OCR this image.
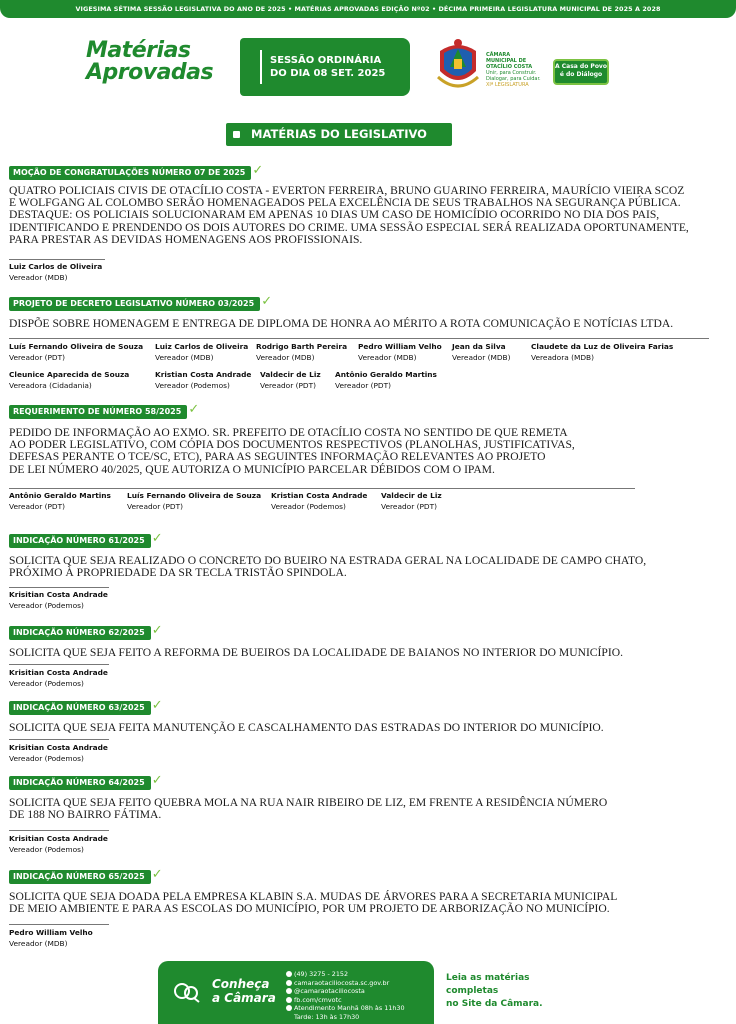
VIGESIMA SÉTIMA SESSÃO LEGISLATIVA DO ANO DE 2025 • MATÉRIAS APROVADAS EDIÇÃO Nº02 • DÉCIMA PRIMEIRA LEGISLATURA MUNICIPAL DE 2025 A 2028
Matérias
Aprovadas	SESSÃO ORDINÁRIA
DO DIA 08 SET. 2025
CÂMARA
MUNICIPAL DE
OTACÍLIO COSTA
Unir, para Construir.
Dialogar, para Cuidar.
XIª LEGISLATURA
A Casa do Povo
é do Diálogo
MATÉRIAS DO LEGISLATIVO
MOÇÃO DE CONGRATULAÇÕES NÚMERO 07 DE 2025 ✓
QUATRO POLICIAIS CIVIS DE OTACÍLIO COSTA - EVERTON FERREIRA, BRUNO GUARINO FERREIRA, MAURÍCIO VIEIRA SCOZ
E WOLFGANG AL COLOMBO SERÃO HOMENAGEADOS PELA EXCELÊNCIA DE SEUS TRABALHOS NA SEGURANÇA PÚBLICA.
DESTAQUE: OS POLICIAIS SOLUCIONARAM EM APENAS 10 DIAS UM CASO DE HOMICÍDIO OCORRIDO NO DIA DOS PAIS,
IDENTIFICANDO E PRENDENDO OS DOIS AUTORES DO CRIME. UMA SESSÃO ESPECIAL SERÁ REALIZADA OPORTUNAMENTE,
PARA PRESTAR AS DEVIDAS HOMENAGENS AOS PROFISSIONAIS.
Luiz Carlos de Oliveira
Vereador (MDB)
PROJETO DE DECRETO LEGISLATIVO NÚMERO 03/2025 ✓
DISPÕE SOBRE HOMENAGEM E ENTREGA DE DIPLOMA DE HONRA AO MÉRITO A ROTA COMUNICAÇÃO E NOTÍCIAS LTDA.
Luís Fernando Oliveira de Souza
Vereador (PDT)
Luiz Carlos de Oliveira
Vereador (MDB)
Rodrigo Barth Pereira
Vereador (MDB)
Pedro William Velho
Vereador (MDB)
Jean da Silva
Vereador (MDB)
Claudete da Luz de Oliveira Farias
Vereadora (MDB)
Cleunice Aparecida de Souza
Vereadora (Cidadania)
Kristian Costa Andrade
Vereador (Podemos)
Valdecir de Liz
Vereador (PDT)
Antônio Geraldo Martins
Vereador (PDT)
REQUERIMENTO DE NÚMERO 58/2025 ✓
PEDIDO DE INFORMAÇÃO AO EXMO. SR. PREFEITO DE OTACÍLIO COSTA NO SENTIDO DE QUE REMETA
AO PODER LEGISLATIVO, COM CÓPIA DOS DOCUMENTOS RESPECTIVOS (PLANOLHAS, JUSTIFICATIVAS,
DEFESAS PERANTE O TCE/SC, ETC), PARA AS SEGUINTES INFORMAÇÃO RELEVANTES AO PROJETO
DE LEI NÚMERO 40/2025, QUE AUTORIZA O MUNICÍPIO PARCELAR DÉBIDOS COM O IPAM.
Antônio Geraldo Martins
Vereador (PDT)
Luís Fernando Oliveira de Souza
Vereador (PDT)
Kristian Costa Andrade
Vereador (Podemos)
Valdecir de Liz
Vereador (PDT)
INDICAÇÃO NÚMERO 61/2025 ✓
SOLICITA QUE SEJA REALIZADO O CONCRETO DO BUEIRO NA ESTRADA GERAL NA LOCALIDADE DE CAMPO CHATO,
PRÓXIMO À PROPRIEDADE DA SR TECLA TRISTÃO SPINDOLA.
Krisitian Costa Andrade
Vereador (Podemos)
INDICAÇÃO NÚMERO 62/2025 ✓
SOLICITA QUE SEJA FEITO A REFORMA DE BUEIROS DA LOCALIDADE DE BAIANOS NO INTERIOR DO MUNICÍPIO.
Krisitian Costa Andrade
Vereador (Podemos)
INDICAÇÃO NÚMERO 63/2025 ✓
SOLICITA QUE SEJA FEITA MANUTENÇÃO E CASCALHAMENTO DAS ESTRADAS DO INTERIOR DO MUNICÍPIO.
Krisitian Costa Andrade
Vereador (Podemos)
INDICAÇÃO NÚMERO 64/2025 ✓
SOLICITA QUE SEJA FEITO QUEBRA MOLA NA RUA NAIR RIBEIRO DE LIZ, EM FRENTE A RESIDÊNCIA NÚMERO
DE 188 NO BAIRRO FÁTIMA.
Krisitian Costa Andrade
Vereador (Podemos)
INDICAÇÃO NÚMERO 65/2025 ✓
SOLICITA QUE SEJA DOADA PELA EMPRESA KLABIN S.A. MUDAS DE ÁRVORES PARA A SECRETARIA MUNICIPAL
DE MEIO AMBIENTE E PARA AS ESCOLAS DO MUNICÍPIO, POR UM PROJETO DE ARBORIZAÇÃO NO MUNICÍPIO.
Pedro William Velho
Vereador (MDB)
Conheça
a Câmara
(49) 3275 - 2152
camaraotaciliocosta.sc.gov.br
@camaraotaciliocosta
fb.com/cmvotc
Atendimento Manhã 08h às 11h30
Tarde: 13h às 17h30
Leia as matérias
completas
no Site da Câmara.
